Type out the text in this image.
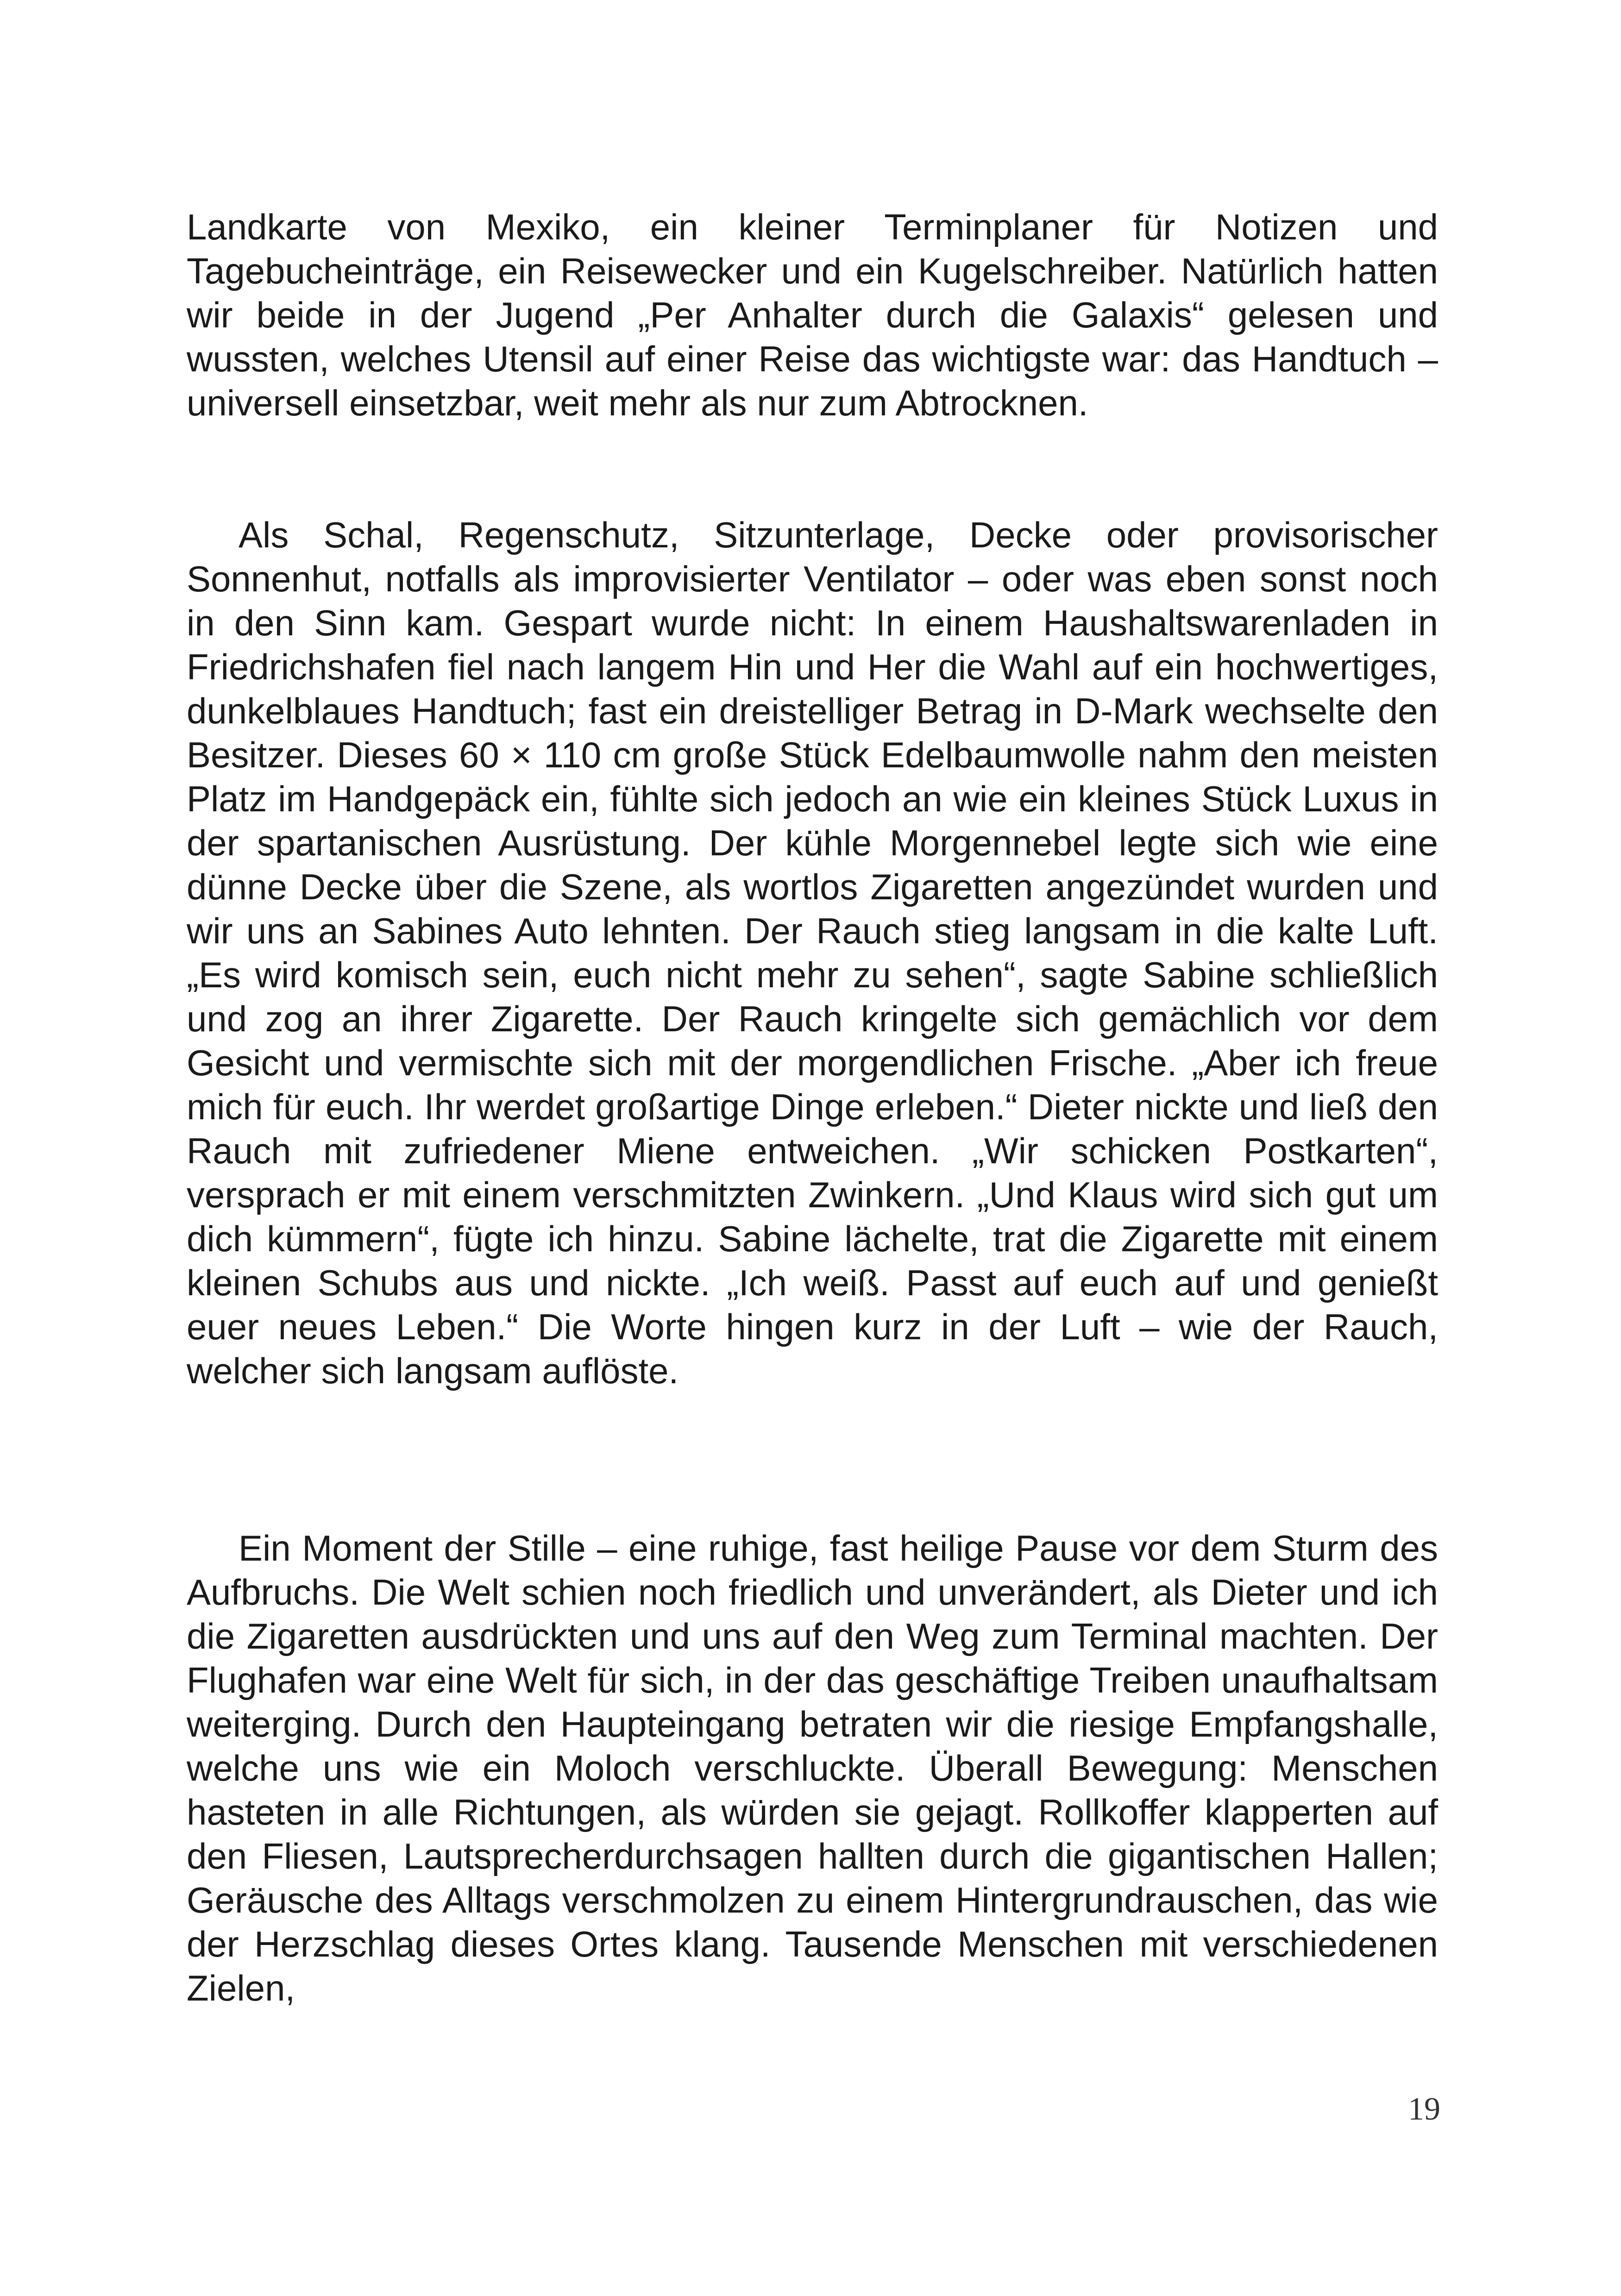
Landkarte von Mexiko, ein kleiner Terminplaner für Notizen und Tagebucheinträge, ein Reisewecker und ein Kugelschreiber. Natürlich hatten wir beide in der Jugend „Per Anhalter durch die Galaxis“ gelesen und wussten, welches Utensil auf einer Reise das wichtigste war: das Handtuch – universell einsetzbar, weit mehr als nur zum Abtrocknen.

Als Schal, Regenschutz, Sitzunterlage, Decke oder provisorischer Sonnenhut, notfalls als improvisierter Ventilator – oder was eben sonst noch in den Sinn kam. Gespart wurde nicht: In einem Haushaltswarenladen in Friedrichshafen fiel nach langem Hin und Her die Wahl auf ein hochwertiges, dunkelblaues Handtuch; fast ein dreistelliger Betrag in D-Mark wechselte den Besitzer. Dieses 60 × 110 cm große Stück Edelbaumwolle nahm den meisten Platz im Handgepäck ein, fühlte sich jedoch an wie ein kleines Stück Luxus in der spartanischen Ausrüstung. Der kühle Morgennebel legte sich wie eine dünne Decke über die Szene, als wortlos Zigaretten angezündet wurden und wir uns an Sabines Auto lehnten. Der Rauch stieg langsam in die kalte Luft. „Es wird komisch sein, euch nicht mehr zu sehen“, sagte Sabine schließlich und zog an ihrer Zigarette. Der Rauch kringelte sich gemächlich vor dem Gesicht und vermischte sich mit der morgendlichen Frische. „Aber ich freue mich für euch. Ihr werdet großartige Dinge erleben.“ Dieter nickte und ließ den Rauch mit zufriedener Miene entweichen. „Wir schicken Postkarten“, versprach er mit einem verschmitzten Zwinkern. „Und Klaus wird sich gut um dich kümmern“, fügte ich hinzu. Sabine lächelte, trat die Zigarette mit einem kleinen Schubs aus und nickte. „Ich weiß. Passt auf euch auf und genießt euer neues Leben.“ Die Worte hingen kurz in der Luft – wie der Rauch, welcher sich langsam auflöste.

Ein Moment der Stille – eine ruhige, fast heilige Pause vor dem Sturm des Aufbruchs. Die Welt schien noch friedlich und unverändert, als Dieter und ich die Zigaretten ausdrückten und uns auf den Weg zum Terminal machten. Der Flughafen war eine Welt für sich, in der das geschäftige Treiben unaufhaltsam weiterging. Durch den Haupteingang betraten wir die riesige Empfangshalle, welche uns wie ein Moloch verschluckte. Überall Bewegung: Menschen hasteten in alle Richtungen, als würden sie gejagt. Rollkoffer klapperten auf den Fliesen, Lautsprecherdurchsagen hallten durch die gigantischen Hallen; Geräusche des Alltags verschmolzen zu einem Hintergrundrauschen, das wie der Herzschlag dieses Ortes klang. Tausende Menschen mit verschiedenen Zielen,

19
